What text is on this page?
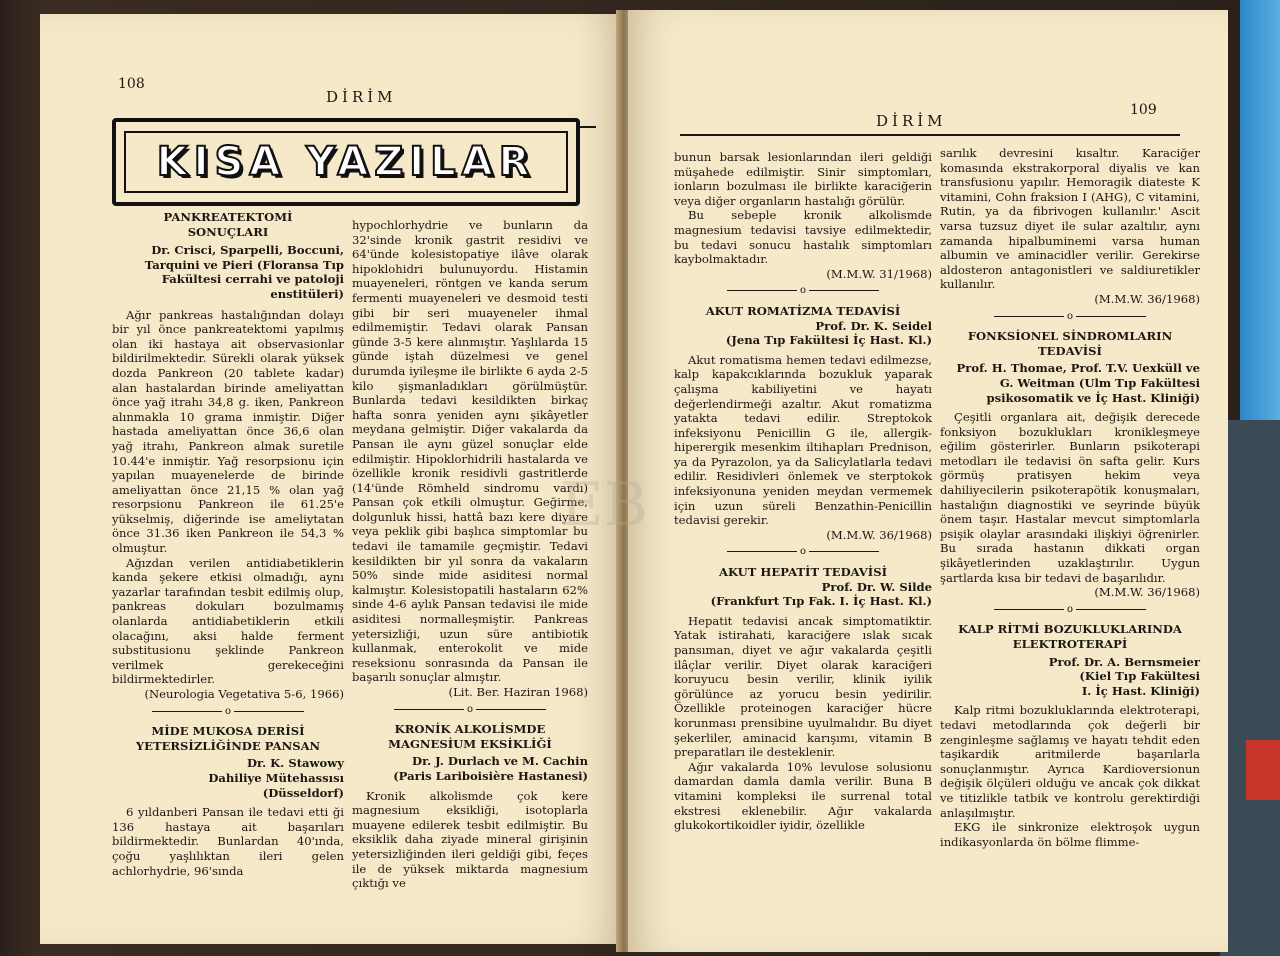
108
DİRİM
KISA YAZILAR
PANKREATEKTOMİ
SONUÇLARI
Dr. Crisci, Sparpelli, Boccuni, Tarquini ve Pieri (Floransa Tıp Fakültesi cerrahi ve patoloji enstitüleri)

Ağır pankreas hastalığından dolayı bir yıl önce pankreatektomi yapılmış olan iki hastaya ait observasionlar bildirilmektedir. Sürekli olarak yüksek dozda Pankreon (20 tablete kadar) alan hastalardan birinde ameliyattan önce yağ itrahı 34,8 g. iken, Pankreon alınmakla 10 grama inmiştir. Diğer hastada ameliyattan önce 36,6 olan yağ itrahı, Pankreon almak suretile 10.44'e inmiştir. Yağ resorpsionu için yapılan muayenelerde de birinde ameliyattan önce 21,15 % olan yağ resorpsionu Pankreon ile 61.25'e yükselmiş, diğerinde ise ameliytatan önce 31.36 iken Pankreon ile 54,3 % olmuştur.

Ağızdan verilen antidiabetiklerin kanda şekere etkisi olmadığı, aynı yazarlar tarafından tesbit edilmiş olup, pankreas dokuları bozulmamış olanlarda antidiabetiklerin etkili olacağını, aksi halde ferment substitusionu şeklinde Pankreon verilmek gerekeceğini bildirmektedirler.

(Neurologia Vegetativa 5-6, 1966)
o
MİDE MUKOSA DERİSİ
YETERSİZLİĞİNDE PANSAN
Dr. K. Stawowy
Dahiliye Mütehassısı
(Düsseldorf)

6 yıldanberi Pansan ile tedavi etti ği 136 hastaya ait başarıları bildirmektedir. Bunlardan 40'ında, çoğu yaşlılıktan ileri gelen achlorhydrie, 96'sında

hypochlorhydrie ve bunların da 32'sinde kronik gastrit residivi ve 64'ünde kolesistopatiye ilâve olarak hipoklohidri bulunuyordu. Histamin muayeneleri, röntgen ve kanda serum fermenti muayeneleri ve desmoid testi gibi bir seri muayeneler ihmal edilmemiştir. Tedavi olarak Pansan günde 3-5 kere alınmıştır. Yaşlılarda 15 günde iştah düzelmesi ve genel durumda iyileşme ile birlikte 6 ayda 2-5 kilo şişmanladıkları görülmüştür. Bunlarda tedavi kesildikten birkaç hafta sonra yeniden aynı şikâyetler meydana gelmiştir. Diğer vakalarda da Pansan ile aynı güzel sonuçlar elde edilmiştir. Hipoklorhidrili hastalarda ve özellikle kronik residivli gastritlerde (14'ünde Römheld sindromu vardı) Pansan çok etkili olmuştur. Geğirme, dolgunluk hissi, hattâ bazı kere diyare veya peklik gibi başlıca simptomlar bu tedavi ile tamamile geçmiştir. Tedavi kesildikten bir yıl sonra da vakaların 50% sinde mide asiditesi normal kalmıştır. Kolesistopatili hastaların 62% sinde 4-6 aylık Pansan tedavisi ile mide asiditesi normalleşmiştir. Pankreas yetersizliği, uzun süre antibiotik kullanmak, enterokolit ve mide reseksionu sonrasında da Pansan ile başarılı sonuçlar almıştır.

(Lit. Ber. Haziran 1968)
o
KRONİK ALKOLİSMDE
MAGNESİUM EKSİKLİĞİ
Dr. J. Durlach ve M. Cachin
(Paris Lariboisière Hastanesi)

Kronik alkolismde çok kere magnesium eksikliği, isotoplarla muayene edilerek tesbit edilmiştir. Bu eksiklik daha ziyade mineral girişinin yetersizliğinden ileri geldiği gibi, feçes ile de yüksek miktarda magnesium çıktığı ve

109
DİRİM

bunun barsak lesionlarından ileri geldiği müşahede edilmiştir. Sinir simptomları, ionların bozulması ile birlikte karaciğerin veya diğer organların hastalığı görülür.

Bu sebeple kronik alkolismde magnesium tedavisi tavsiye edilmektedir, bu tedavi sonucu hastalık simptomları kaybolmaktadır.

(M.M.W. 31/1968)
o
AKUT ROMATİZMA TEDAVİSİ
Prof. Dr. K. Seidel
(Jena Tıp Fakültesi İç Hast. Kl.)

Akut romatisma hemen tedavi edilmezse, kalp kapakcıklarında bozukluk yaparak çalışma kabiliyetini ve hayatı değerlendirmeği azaltır. Akut romatizma yatakta tedavi edilir. Streptokok infeksiyonu Penicillin G ile, allergik-hiperergik mesenkim iltihapları Prednison, ya da Pyrazolon, ya da Salicylatlarla tedavi edilir. Residivleri önlemek ve sterptokok infeksiyonuna yeniden meydan vermemek için uzun süreli Benzathin-Penicillin tedavisi gerekir.

(M.M.W. 36/1968)
o
AKUT HEPATİT TEDAVİSİ
Prof. Dr. W. Silde
(Frankfurt Tıp Fak. I. İç Hast. Kl.)

Hepatit tedavisi ancak simptomatiktir. Yatak istirahati, karaciğere ıslak sıcak pansıman, diyet ve ağır vakalarda çeşitli ilâçlar verilir. Diyet olarak karaciğeri koruyucu besin verilir, klinik iyilik görülünce az yorucu besin yedirilir. Özellikle proteinogen karaciğer hücre korunması prensibine uyulmalıdır. Bu diyet şekerliler, aminacid karışımı, vitamin B preparatları ile desteklenir.

Ağır vakalarda 10% levulose solusionu damardan damla damla verilir. Buna B vitamini kompleksi ile surrenal total ekstresi eklenebilir. Ağır vakalarda glukokortikoidler iyidir, özellikle

sarılık devresini kısaltır. Karaciğer komasında ekstrakorporal diyalis ve kan transfusionu yapılır. Hemoragik diateste K vitamini, Cohn fraksion I (AHG), C vitamini, Rutin, ya da fibrivogen kullanılır.' Ascit varsa tuzsuz diyet ile sular azaltılır, aynı zamanda hipalbuminemi varsa human albumin ve aminacidler verilir. Gerekirse aldosteron antagonistleri ve saldiuretikler kullanılır.

(M.M.W. 36/1968)
o
FONKSİONEL SİNDROMLARIN
TEDAVİSİ
Prof. H. Thomae, Prof. T.V. Uexküll ve G. Weitman (Ulm Tıp Fakültesi psikosomatik ve İç Hast. Kliniği)

Çeşitli organlara ait, değişik derecede fonksiyon bozuklukları kronikleşmeye eğilim gösterirler. Bunların psikoterapi metodları ile tedavisi ön safta gelir. Kurs görmüş pratisyen hekim veya dahiliyecilerin psikoterapötik konuşmaları, hastalığın diagnostiki ve seyrinde büyük önem taşır. Hastalar mevcut simptomlarla psişik olaylar arasındaki ilişkiyi öğrenirler. Bu sırada hastanın dikkati organ şikâyetlerinden uzaklaştırılır. Uygun şartlarda kısa bir tedavi de başarılıdır.

(M.M.W. 36/1968)
o
KALP RİTMİ BOZUKLUKLARINDA
ELEKTROTERAPİ
Prof. Dr. A. Bernsmeier
(Kiel Tıp Fakültesi
I. İç Hast. Kliniği)

Kalp ritmi bozukluklarında elektroterapi, tedavi metodlarında çok değerli bir zenginleşme sağlamış ve hayatı tehdit eden taşikardik aritmilerde başarılarla sonuçlanmıştır. Ayrıca Kardioversionun değişik ölçüleri olduğu ve ancak çok dikkat ve titizlikle tatbik ve kontrolu gerektirdiği anlaşılmıştır.

EKG ile sinkronize elektroşok uygun indikasyonlarda ön bölme flimme-

EB
